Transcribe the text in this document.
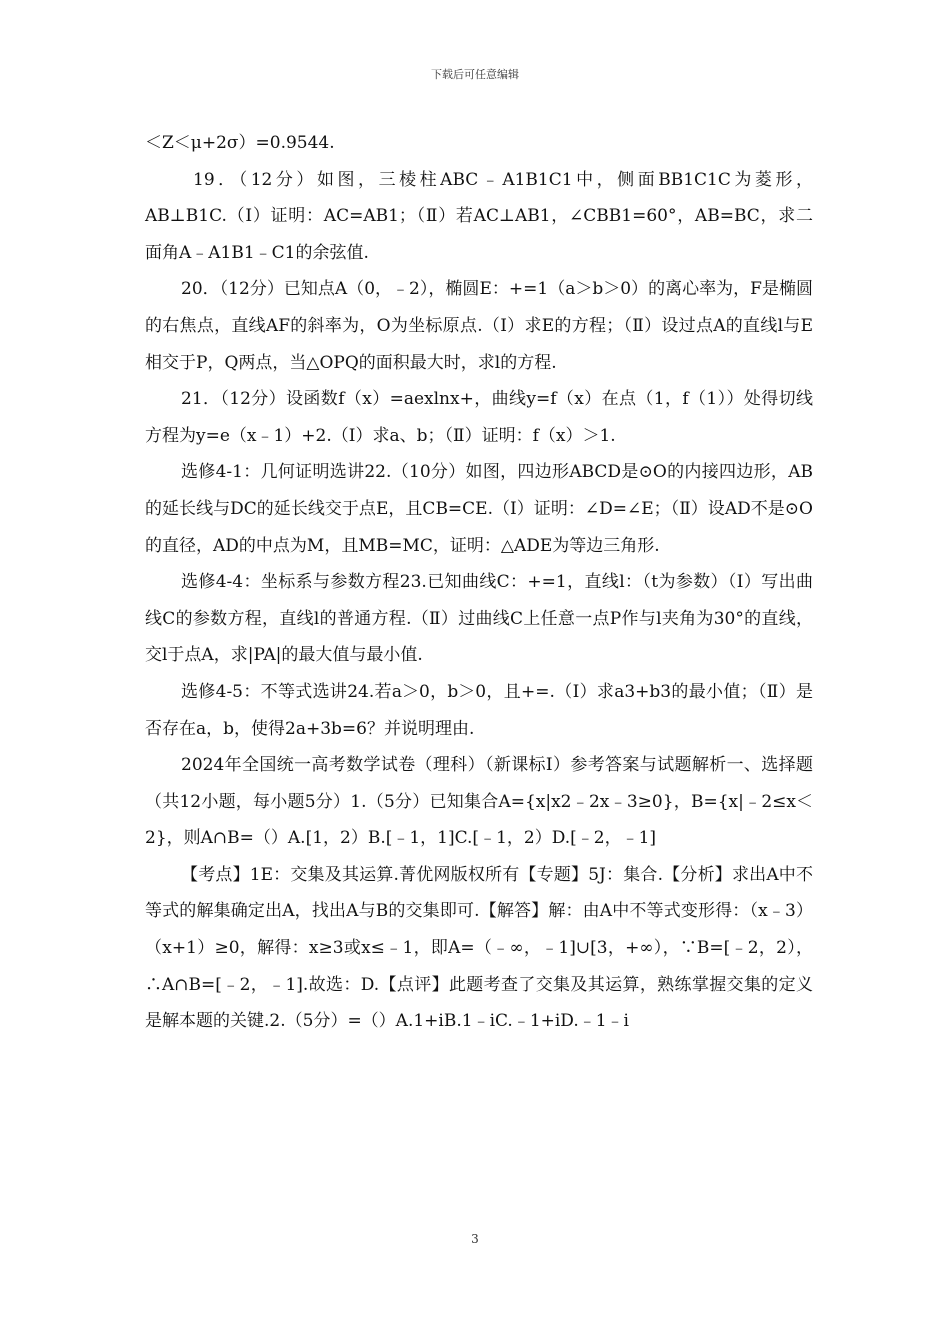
下载后可任意编辑

＜Z＜μ+2σ）=0.9544.

19．（12分）如图，三棱柱ABC﹣A1B1C1中，侧面BB1C1C为菱形，AB⊥B1C.（Ⅰ）证明：AC=AB1；（Ⅱ）若AC⊥AB1，∠CBB1=60°，AB=BC，求二面角A﹣A1B1﹣C1的余弦值.

20．（12分）已知点A（0，﹣2），椭圆E：+=1（a＞b＞0）的离心率为，F是椭圆的右焦点，直线AF的斜率为，O为坐标原点.（Ⅰ）求E的方程；（Ⅱ）设过点A的直线l与E相交于P，Q两点，当△OPQ的面积最大时，求l的方程.

21．（12分）设函数f（x）=aexlnx+，曲线y=f（x）在点（1，f（1））处得切线方程为y=e（x﹣1）+2.（Ⅰ）求a、b；（Ⅱ）证明：f（x）＞1.

选修4-1：几何证明选讲22.（10分）如图，四边形ABCD是⊙O的内接四边形，AB的延长线与DC的延长线交于点E，且CB=CE.（Ⅰ）证明：∠D=∠E；（Ⅱ）设AD不是⊙O的直径，AD的中点为M，且MB=MC，证明：△ADE为等边三角形.

选修4-4：坐标系与参数方程23.已知曲线C：+=1，直线l：（t为参数）（Ⅰ）写出曲线C的参数方程，直线l的普通方程.（Ⅱ）过曲线C上任意一点P作与l夹角为30°的直线，交l于点A，求|PA|的最大值与最小值.

选修4-5：不等式选讲24.若a＞0，b＞0，且+=.（Ⅰ）求a3+b3的最小值；（Ⅱ）是否存在a，b，使得2a+3b=6？并说明理由.

2024年全国统一高考数学试卷（理科）（新课标Ⅰ）参考答案与试题解析一、选择题（共12小题，每小题5分）1.（5分）已知集合A={x|x2﹣2x﹣3≥0}，B={x|﹣2≤x＜2}，则A∩B=（）A.[1，2）B.[﹣1，1]C.[﹣1，2）D.[﹣2，﹣1]

【考点】1E：交集及其运算.菁优网版权所有【专题】5J：集合.【分析】求出A中不等式的解集确定出A，找出A与B的交集即可.【解答】解：由A中不等式变形得：（x﹣3）（x+1）≥0，解得：x≥3或x≤﹣1，即A=（﹣∞，﹣1]∪[3，+∞），∵B=[﹣2，2），∴A∩B=[﹣2，﹣1].故选：D.【点评】此题考查了交集及其运算，熟练掌握交集的定义是解本题的关键.2.（5分）=（）A.1+iB.1﹣iC.﹣1+iD.﹣1﹣i

3
